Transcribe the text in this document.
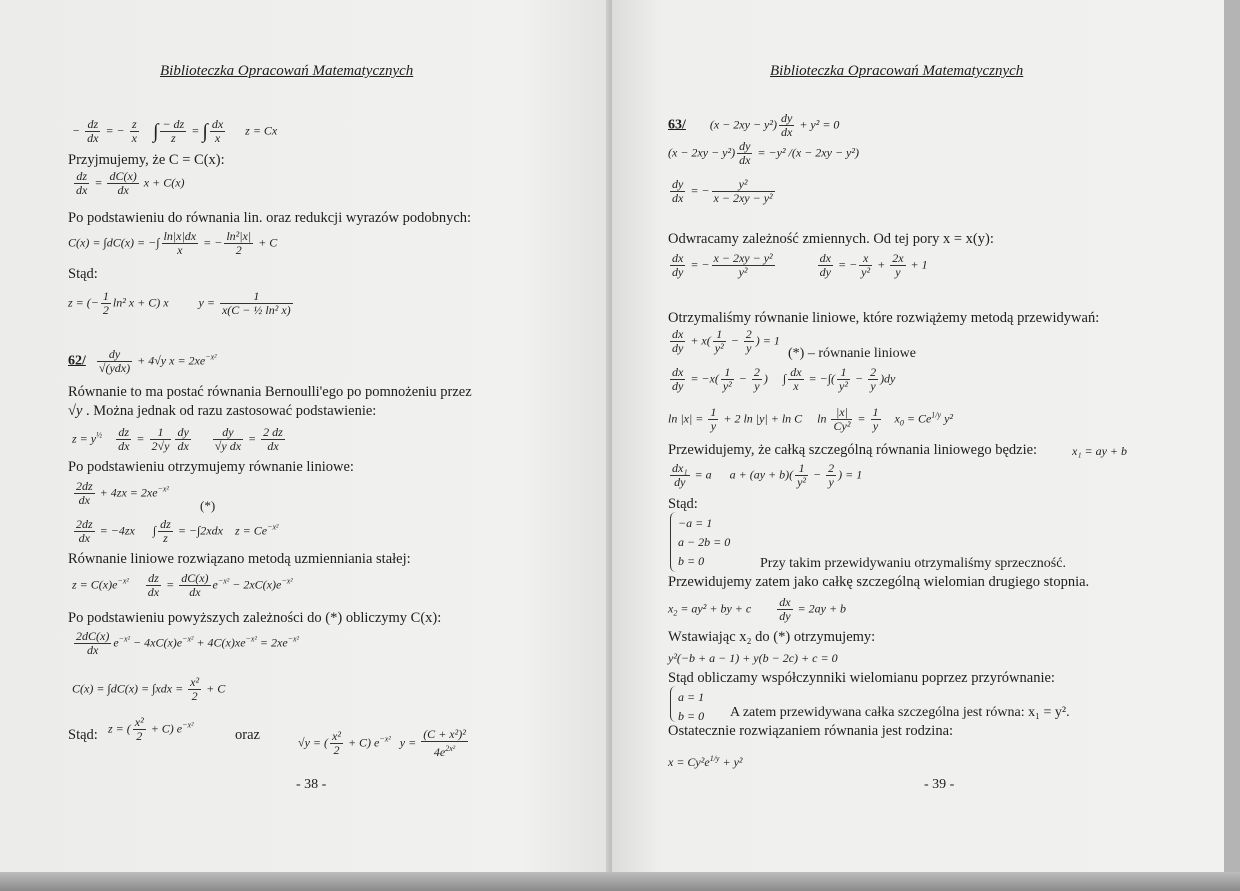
Biblioteczka Opracowań Matematycznych
− $\frac{dz}{dx}$ = − $\frac{z}{x}$ ∫ $\frac{- dz}{z}$ = ∫ $\frac{dx}{x}$ z = Cx
Przyjmujemy, że C = C(x):
$\frac{dz}{dx} = \frac{dC(x)}{dx}$ x + C(x)
Po podstawieniu do równania lin. oraz redukcji wyrazów podobnych:
C(x) = ∫dC(x) = −∫ $\frac{\ln|x|dx}{x}$ = − $\frac{\text{ln²|x|}}{2} + C$
Stąd:
z = (− $\frac{1}{2} \ln^2$ x + C) x          $y = \frac{1}{\text{x(C − ½ ln² x)}}$
$62/ \frac{dy}{\text{√(ydx)}} + 4√y$ $x = 2xe^{-x^2}$
Równanie to ma postać równania Bernoulli'ego po pomnożeniu przez
√y . Można jednak od razu zastosować podstawienie:
$z = y^{\frac{1}{2}} \frac{dz}{dx} = \frac{1}{2√y} \frac{dy}{dx}$
$\frac{dy}{\text{√y dx}} = \frac{2 dz}{dx}$
Po podstawieniu otrzymujemy równanie liniowe:
$\frac{2dz}{dx} + 4zx = 2xe^{-x^2}$
(*)
$\frac{2dz}{dx} = -4zx$      ∫ $\frac{dz}{z} = -\int 2xdx$    $z = Ce^{-x^2}$
Równanie liniowe rozwiązano metodą uzmienniania stałej:
$z = C(x)e^{-x^2} \frac{dz}{dx} = \frac{dC(x)}{dx} e^{-x^2} - 2xC(x)e^{-x^2}$
Po podstawieniu powyższych zależności do (*) obliczymy C(x):
$\frac{2dC(x)}{dx} e^{-x^2} - 4xC(x)e^{-x^2} + 4C(x)xe^{-x^2} = 2xe^{-x^2}$
$C(x) = \int dC(x) = \int xdx = \frac{\text{x²}}{2} + C$
Stąd: z = ( $\frac{\text{x²}}{2} + C$) $e^{-x^2}$
oraz	√y = ( $\frac{\text{x²}}{2} + C$) $e^{-x^2}$   $y = \frac{\text{(C + x²)²}}{4e^{2x^2}}$
- 38 -
Biblioteczka Opracowań Matematycznych
63/        $(x - 2xy - y^2) \frac{dy}{dx} + y^2 = 0$
$(x - 2xy - y^2) \frac{dy}{dx} = -y^2$ /(x − 2xy − y²)
$\frac{dy}{dx}$ = − $\frac{\text{y²}}{\text{x − 2xy − y²}}$
Odwracamy zależność zmiennych. Od tej pory x = x(y):
$\frac{dx}{dy}$ = − $\frac{\text{x − 2xy − y²}}{\text{y²}}$
	$\frac{dx}{dy}$ = − $\frac{x}{\text{y²}} + \frac{2x}{y} + 1$
Otrzymaliśmy równanie liniowe, które rozwiążemy metodą przewidywań:
$\frac{dx}{dy} + x( \frac{1}{\text{y²}} - \frac{2}{y}$ ) = 1
(*) – równanie liniowe
$\frac{dx}{dy} = -x( \frac{1}{\text{y²}} - \frac{2}{y}$ )     ∫ $\frac{dx}{x}$ = −∫( $\frac{1}{\text{y²}} - \frac{2}{y} )dy$
$\ln |x| = \frac{1}{y} + 2$ ln |y| + ln C     $\ln \frac{|x|}{\text{Cy²}} = \frac{1}{y} x_0 = Ce^{1/y}$ y²
Przewidujemy, że całką szczególną równania liniowego będzie:	x₁ = ay + b
$\frac{\text{dx₁}}{dy} = a$      $a + (ay + b)( \frac{1}{\text{y²}} - \frac{2}{y}$ ) = 1
Stąd:
−a = 1
a − 2b = 0
b = 0	Przy takim przewidywaniu otrzymaliśmy sprzeczność.
Przewidujemy zatem jako całkę szczególną wielomian drugiego stopnia.
$x_2 = ay^2$ + by + c $\frac{dx}{dy} = 2ay + b$
Wstawiając x₂ do (*) otrzymujemy:
y²(−b + a − 1) + y(b − 2c) + c = 0
Stąd obliczamy współczynniki wielomianu poprzez przyrównanie:
a = 1
b = 0 A zatem przewidywana całka szczególna jest równa: x₁ = y².
Ostatecznie rozwiązaniem równania jest rodzina:
$x = Cy^2e^{1/y} + y^2$
- 39 -
